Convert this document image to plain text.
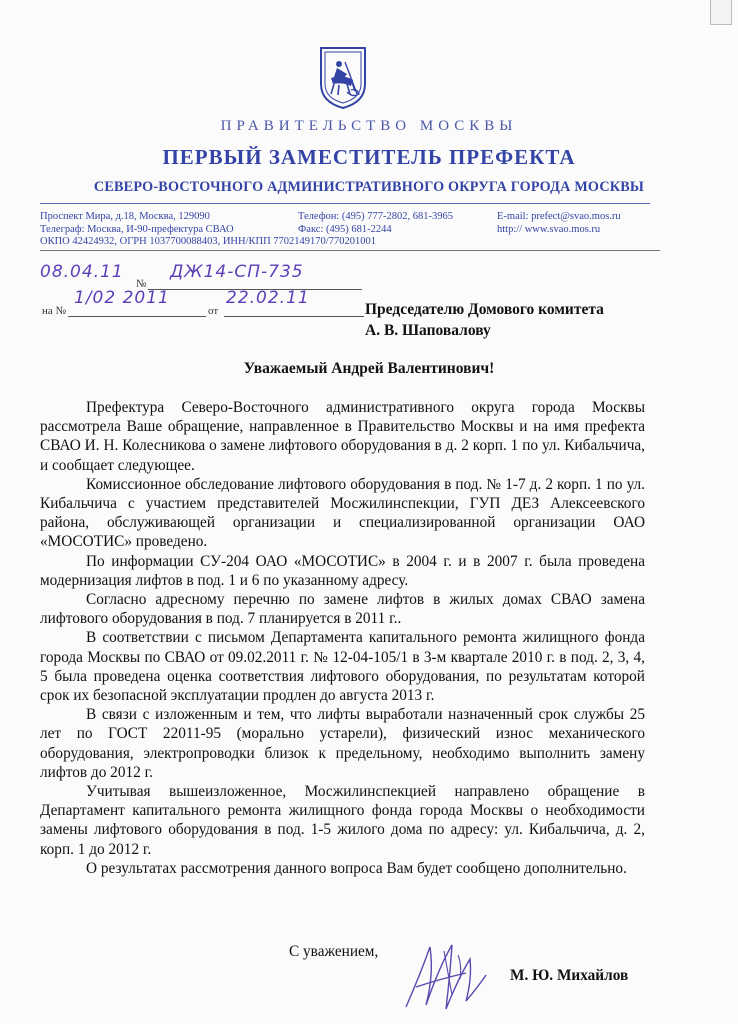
ПРАВИТЕЛЬСТВО МОСКВЫ
ПЕРВЫЙ ЗАМЕСТИТЕЛЬ ПРЕФЕКТА
СЕВЕРО-ВОСТОЧНОГО АДМИНИСТРАТИВНОГО ОКРУГА ГОРОДА МОСКВЫ
Проспект Мира, д.18, Москва, 129090
Телеграф: Москва, И-90-префектура СВАО
ОКПО 42424932, ОГРН 1037700088403, ИНН/КПП 7702149170/770201001
Телефон: (495) 777-2802, 681-3965
Факс: (495) 681-2244
E-mail: prefect@svao.mos.ru
http:// www.svao.mos.ru
08.04.11
№
ДЖ14-СП-735
на №
1/02 2011
от
22.02.11
Председателю Домового комитета
А. В. Шаповалову
Уважаемый Андрей Валентинович!

Префектура Северо-Восточного административного округа города Москвы рассмотрела Ваше обращение, направленное в Правительство Москвы и на имя префекта СВАО И. Н. Колесникова о замене лифтового оборудования в д. 2 корп. 1 по ул. Кибальчича, и сообщает следующее.

Комиссионное обследование лифтового оборудования в под. № 1-7 д. 2 корп. 1 по ул. Кибальчича с участием представителей Мосжилинспекции, ГУП ДЕЗ Алексеевского района, обслуживающей организации и специализированной организации ОАО «МОСОТИС» проведено.

По информации СУ-204 ОАО «МОСОТИС» в 2004 г. и в 2007 г. была проведена модернизация лифтов в под. 1 и 6 по указанному адресу.

Согласно адресному перечню по замене лифтов в жилых домах СВАО замена лифтового оборудования в под. 7 планируется в 2011 г..

В соответствии с письмом Департамента капитального ремонта жилищного фонда города Москвы по СВАО от 09.02.2011 г. № 12-04-105/1 в 3-м квартале 2010 г. в под. 2, 3, 4, 5 была проведена оценка соответствия лифтового оборудования, по результатам которой срок их безопасной эксплуатации продлен до августа 2013 г.

В связи с изложенным и тем, что лифты выработали назначенный срок службы 25 лет по ГОСТ 22011-95 (морально устарели), физический износ механического оборудования, электропроводки близок к предельному, необходимо выполнить замену лифтов до 2012 г.

Учитывая вышеизложенное, Мосжилинспекцией направлено обращение в Департамент капитального ремонта жилищного фонда города Москвы о необходимости замены лифтового оборудования в под. 1-5 жилого дома по адресу: ул. Кибальчича, д. 2, корп. 1 до 2012 г.

О результатах рассмотрения данного вопроса Вам будет сообщено дополнительно.

С уважением,
М. Ю. Михайлов
